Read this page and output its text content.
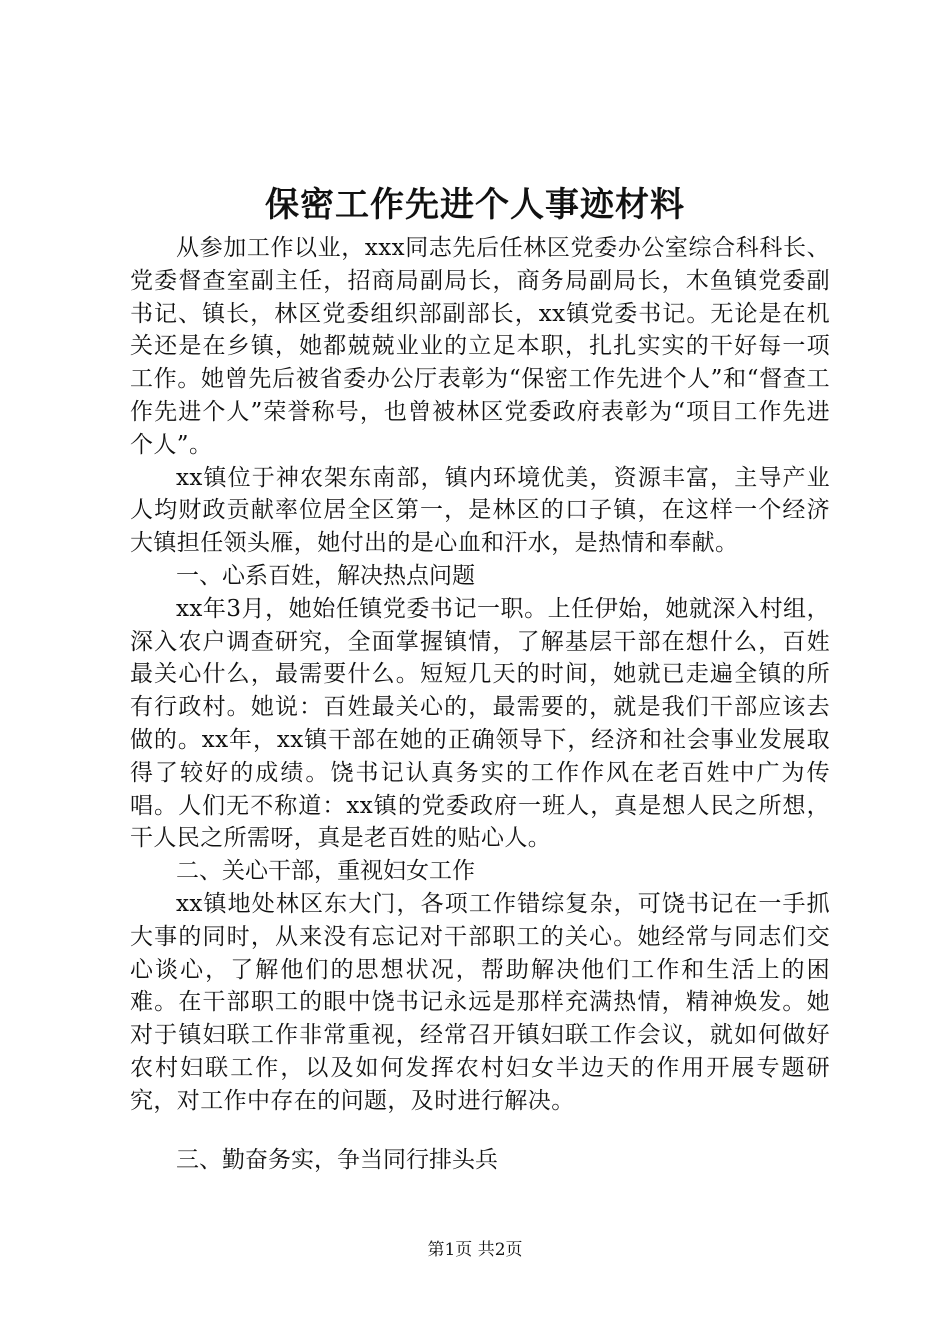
保密工作先进个人事迹材料

从参加工作以业，xxx同志先后任林区党委办公室综合科科长、党委督查室副主任，招商局副局长，商务局副局长，木鱼镇党委副书记、镇长，林区党委组织部副部长，xx镇党委书记。无论是在机关还是在乡镇，她都兢兢业业的立足本职，扎扎实实的干好每一项工作。她曾先后被省委办公厅表彰为“保密工作先进个人”和“督查工作先进个人”荣誉称号，也曾被林区党委政府表彰为“项目工作先进个人”。

xx镇位于神农架东南部，镇内环境优美，资源丰富，主导产业人均财政贡献率位居全区第一，是林区的口子镇，在这样一个经济大镇担任领头雁，她付出的是心血和汗水，是热情和奉献。

一、心系百姓，解决热点问题

xx年3月，她始任镇党委书记一职。上任伊始，她就深入村组，深入农户调查研究，全面掌握镇情，了解基层干部在想什么，百姓最关心什么，最需要什么。短短几天的时间，她就已走遍全镇的所有行政村。她说：百姓最关心的，最需要的，就是我们干部应该去做的。xx年，xx镇干部在她的正确领导下，经济和社会事业发展取得了较好的成绩。饶书记认真务实的工作作风在老百姓中广为传唱。人们无不称道：xx镇的党委政府一班人，真是想人民之所想，干人民之所需呀，真是老百姓的贴心人。

二、关心干部，重视妇女工作

xx镇地处林区东大门，各项工作错综复杂，可饶书记在一手抓大事的同时，从来没有忘记对干部职工的关心。她经常与同志们交心谈心，了解他们的思想状况，帮助解决他们工作和生活上的困难。在干部职工的眼中饶书记永远是那样充满热情，精神焕发。她对于镇妇联工作非常重视，经常召开镇妇联工作会议，就如何做好农村妇联工作，以及如何发挥农村妇女半边天的作用开展专题研究，对工作中存在的问题，及时进行解决。

三、勤奋务实，争当同行排头兵

第1页 共2页
